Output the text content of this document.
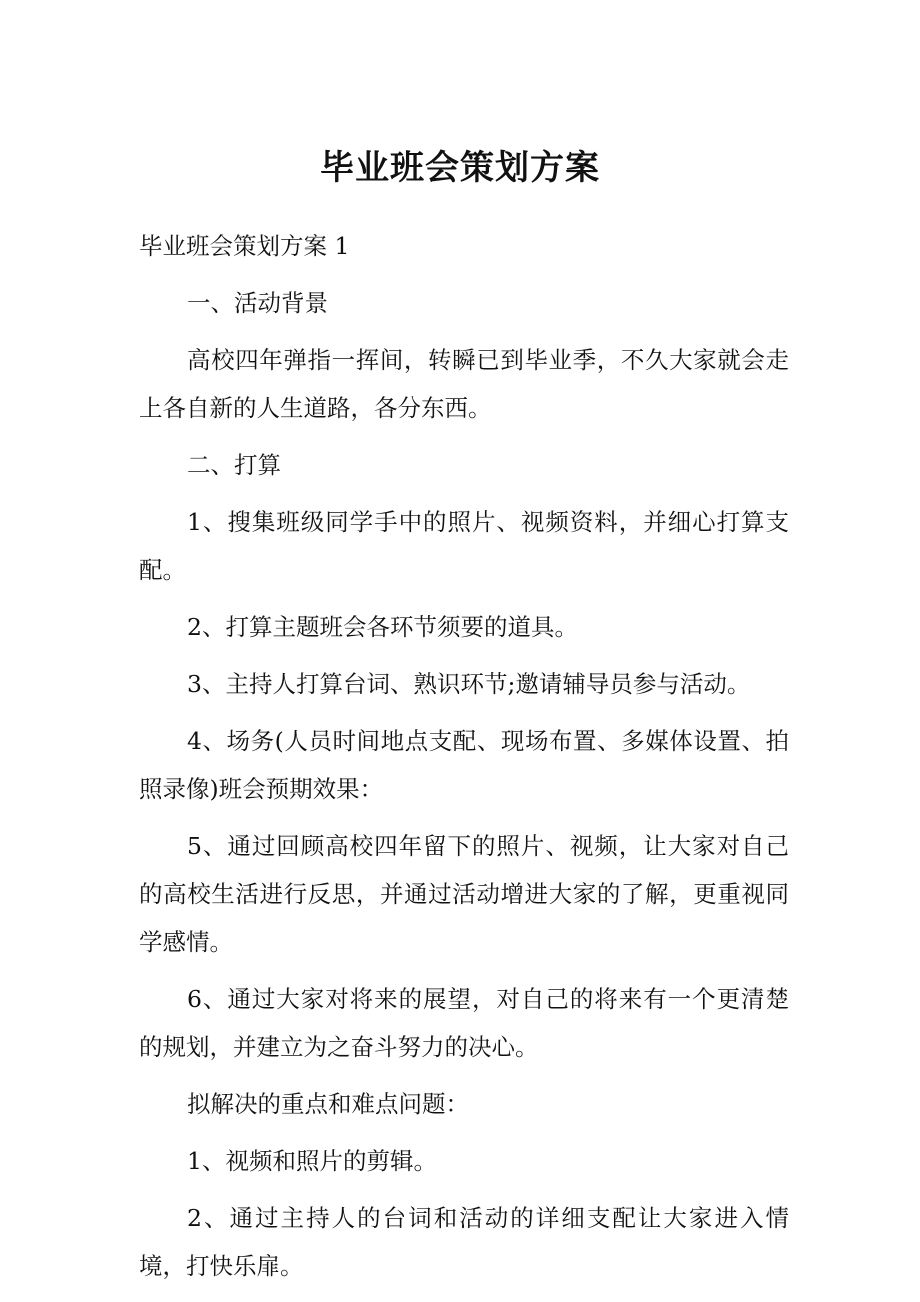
毕业班会策划方案

毕业班会策划方案 1

一、活动背景

高校四年弹指一挥间，转瞬已到毕业季，不久大家就会走上各自新的人生道路，各分东西。

二、打算

1、搜集班级同学手中的照片、视频资料，并细心打算支配。

2、打算主题班会各环节须要的道具。

3、主持人打算台词、熟识环节;邀请辅导员参与活动。

4、场务(人员时间地点支配、现场布置、多媒体设置、拍照录像)班会预期效果：

5、通过回顾高校四年留下的照片、视频，让大家对自己的高校生活进行反思，并通过活动增进大家的了解，更重视同学感情。

6、通过大家对将来的展望，对自己的将来有一个更清楚的规划，并建立为之奋斗努力的决心。

拟解决的重点和难点问题：

1、视频和照片的剪辑。

2、通过主持人的台词和活动的详细支配让大家进入情境，打快乐扉。
